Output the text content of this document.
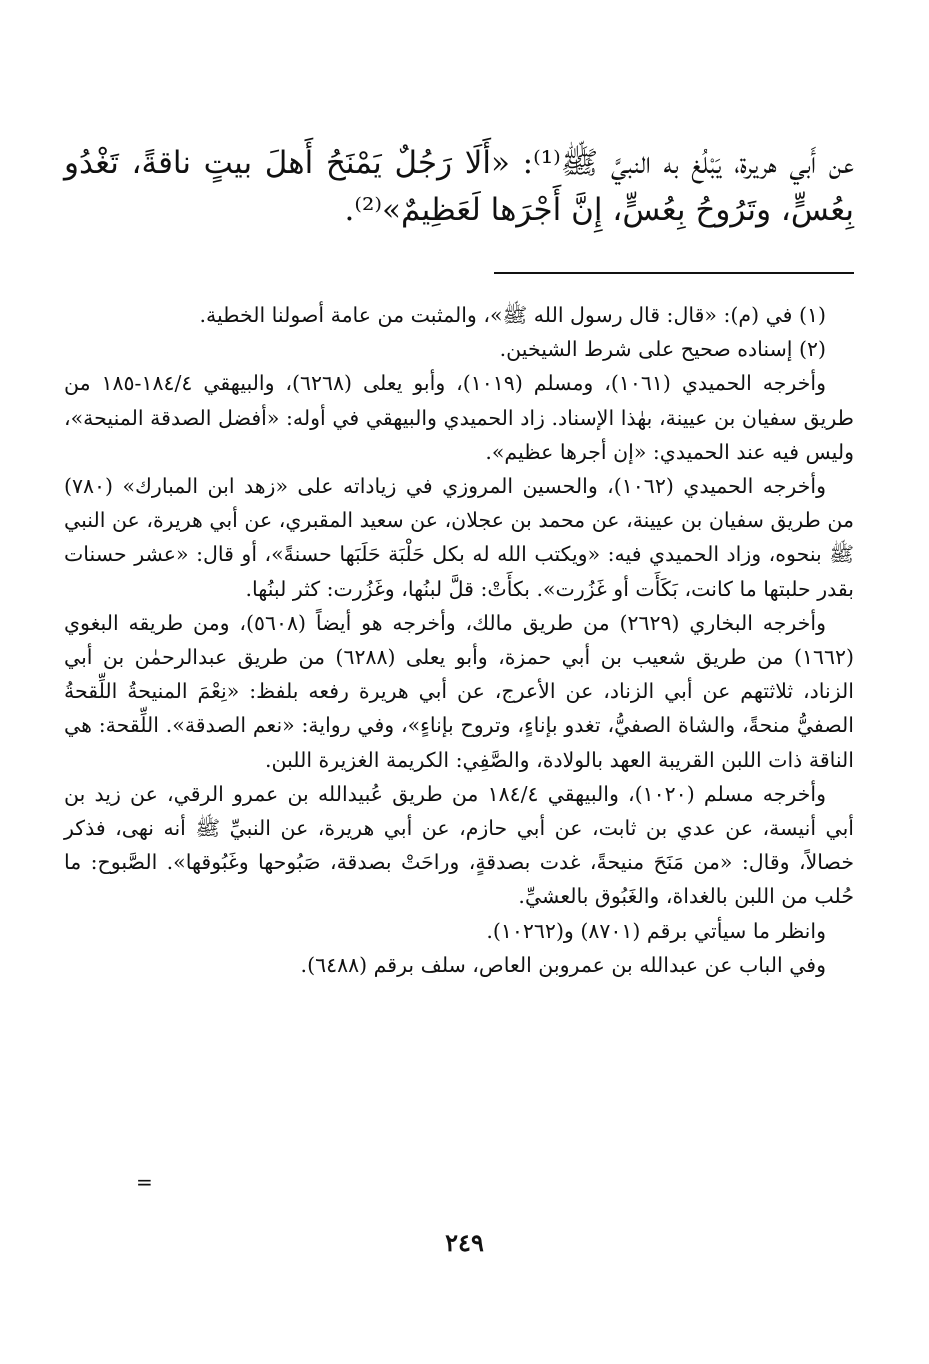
عن أَبي هريرة، يَبْلُغ به النبيَّ ﷺ⁽¹⁾: «أَلَا رَجُلٌ يَمْنَحُ أَهلَ بيتٍ ناقةً، تَغْدُو بِعُسٍّ، وتَرُوحُ بِعُسٍّ، إِنَّ أَجْرَها لَعَظِيمٌ»⁽²⁾.

(١) في (م): «قال: قال رسول الله ﷺ»، والمثبت من عامة أصولنا الخطية.

(٢) إسناده صحيح على شرط الشيخين.

وأخرجه الحميدي (١٠٦١)، ومسلم (١٠١٩)، وأبو يعلى (٦٢٦٨)، والبيهقي ١٨٤/٤-١٨٥ من طريق سفيان بن عيينة، بهٰذا الإسناد. زاد الحميدي والبيهقي في أوله: «أفضل الصدقة المنيحة»، وليس فيه عند الحميدي: «إن أجرها عظيم».

وأخرجه الحميدي (١٠٦٢)، والحسين المروزي في زياداته على «زهد ابن المبارك» (٧٨٠) من طريق سفيان بن عيينة، عن محمد بن عجلان، عن سعيد المقبري، عن أبي هريرة، عن النبي ﷺ بنحوه، وزاد الحميدي فيه: «ويكتب الله له بكل حَلْبَة حَلَبَها حسنةً»، أو قال: «عشر حسنات بقدر حلبتها ما كانت، بَكَأَت أو غَزُرت». بكأَتْ: قلَّ لبنُها، وغَزُرت: كثر لبنُها.

وأخرجه البخاري (٢٦٢٩) من طريق مالك، وأخرجه هو أيضاً (٥٦٠٨)، ومن طريقه البغوي (١٦٦٢) من طريق شعيب بن أبي حمزة، وأبو يعلى (٦٢٨٨) من طريق عبدالرحمٰن بن أبي الزناد، ثلاثتهم عن أبي الزناد، عن الأعرج، عن أبي هريرة رفعه بلفظ: «نِعْمَ المنيحةُ اللِّقحةُ الصفيُّ منحةً، والشاة الصفيُّ، تغدو بإناءٍ، وتروح بإناءٍ»، وفي رواية: «نعم الصدقة». اللِّقحة: هي الناقة ذات اللبن القريبة العهد بالولادة، والصَّفِي: الكريمة الغزيرة اللبن.

وأخرجه مسلم (١٠٢٠)، والبيهقي ١٨٤/٤ من طريق عُبيدالله بن عمرو الرقي، عن زيد بن أبي أنيسة، عن عدي بن ثابت، عن أبي حازم، عن أبي هريرة، عن النبيِّ ﷺ أنه نهى، فذكر خصالاً، وقال: «من مَنَحَ منيحةً، غدت بصدقةٍ، وراحَتْ بصدقة، صَبُوحها وغَبُوقها». الصَّبوح: ما حُلب من اللبن بالغداة، والغَبُوق بالعشيِّ.

وانظر ما سيأتي برقم (٨٧٠١) و(١٠٢٦٢).

وفي الباب عن عبدالله بن عمروبن العاص، سلف برقم (٦٤٨٨).

=
٢٤٩
